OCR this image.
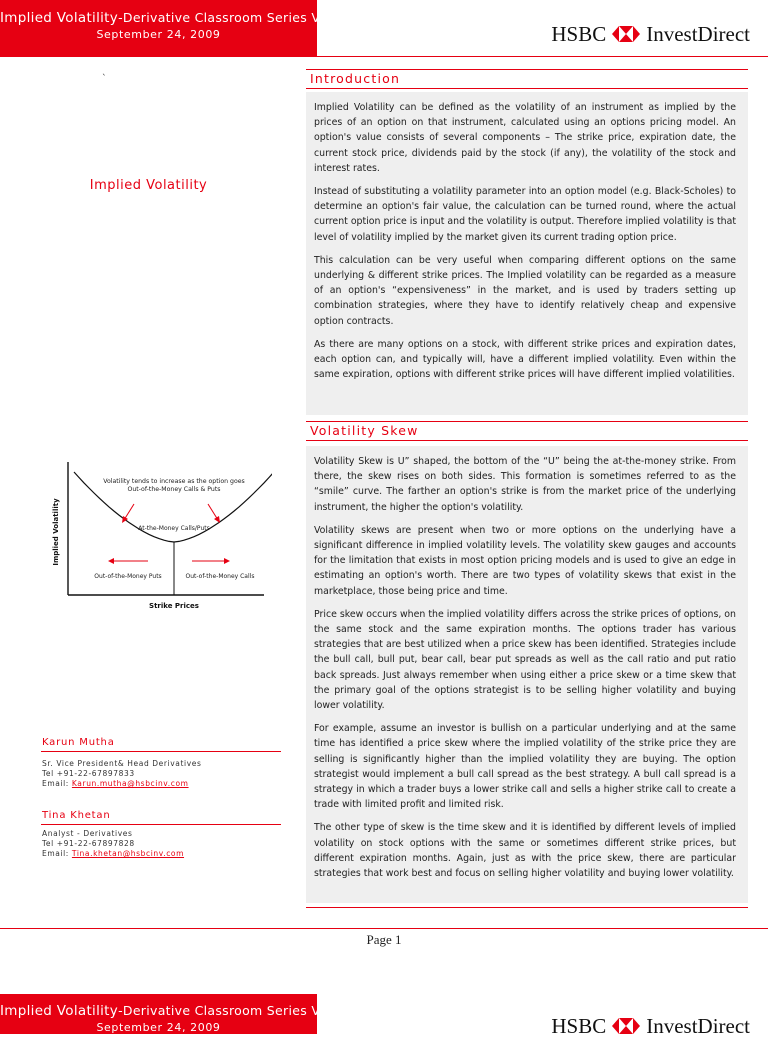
Implied Volatility-Derivative Classroom Series V
September 24, 2009	HSBC InvestDirect
`
Implied Volatility
Volatility tends to increase as the option goes
Out-of-the-Money Calls & Puts
At-the-Money Calls/Puts
Out-of-the-Money Puts	Out-of-the-Money Calls
Strike Prices
Implied Volatility
Karun Mutha
Sr. Vice President& Head Derivatives
Tel +91-22-67897833
Email: Karun.mutha@hsbcinv.com
Tina Khetan
Analyst - Derivatives
Tel +91-22-67897828
Email: Tina.khetan@hsbcinv.com
Introduction

Implied Volatility can be defined as the volatility of an instrument as implied by the prices of an option on that instrument, calculated using an options pricing model. An option's value consists of several components – The strike price, expiration date, the current stock price, dividends paid by the stock (if any), the volatility of the stock and interest rates.

Instead of substituting a volatility parameter into an option model (e.g. Black-Scholes) to determine an option's fair value, the calculation can be turned round, where the actual current option price is input and the volatility is output. Therefore implied volatility is that level of volatility implied by the market given its current trading option price.

This calculation can be very useful when comparing different options on the same underlying & different strike prices. The Implied volatility can be regarded as a measure of an option's “expensiveness” in the market, and is used by traders setting up combination strategies, where they have to identify relatively cheap and expensive option contracts.

As there are many options on a stock, with different strike prices and expiration dates, each option can, and typically will, have a different implied volatility. Even within the same expiration, options with different strike prices will have different implied volatilities.

Volatility Skew

Volatility Skew is U” shaped, the bottom of the “U” being the at-the-money strike. From there, the skew rises on both sides. This formation is sometimes referred to as the “smile” curve. The farther an option's strike is from the market price of the underlying instrument, the higher the option's volatility.

Volatility skews are present when two or more options on the underlying have a significant difference in implied volatility levels. The volatility skew gauges and accounts for the limitation that exists in most option pricing models and is used to give an edge in estimating an option's worth. There are two types of volatility skews that exist in the marketplace, those being price and time.

Price skew occurs when the implied volatility differs across the strike prices of options, on the same stock and the same expiration months. The options trader has various strategies that are best utilized when a price skew has been identified. Strategies include the bull call, bull put, bear call, bear put spreads as well as the call ratio and put ratio back spreads. Just always remember when using either a price skew or a time skew that the primary goal of the options strategist is to be selling higher volatility and buying lower volatility.

For example, assume an investor is bullish on a particular underlying and at the same time has identified a price skew where the implied volatility of the strike price they are selling is significantly higher than the implied volatility they are buying. The option strategist would implement a bull call spread as the best strategy. A bull call spread is a strategy in which a trader buys a lower strike call and sells a higher strike call to create a trade with limited profit and limited risk.

The other type of skew is the time skew and it is identified by different levels of implied volatility on stock options with the same or sometimes different strike prices, but different expiration months. Again, just as with the price skew, there are particular strategies that work best and focus on selling higher volatility and buying lower volatility.

Page 1
Implied Volatility-Derivative Classroom Series V
September 24, 2009	HSBC InvestDirect
